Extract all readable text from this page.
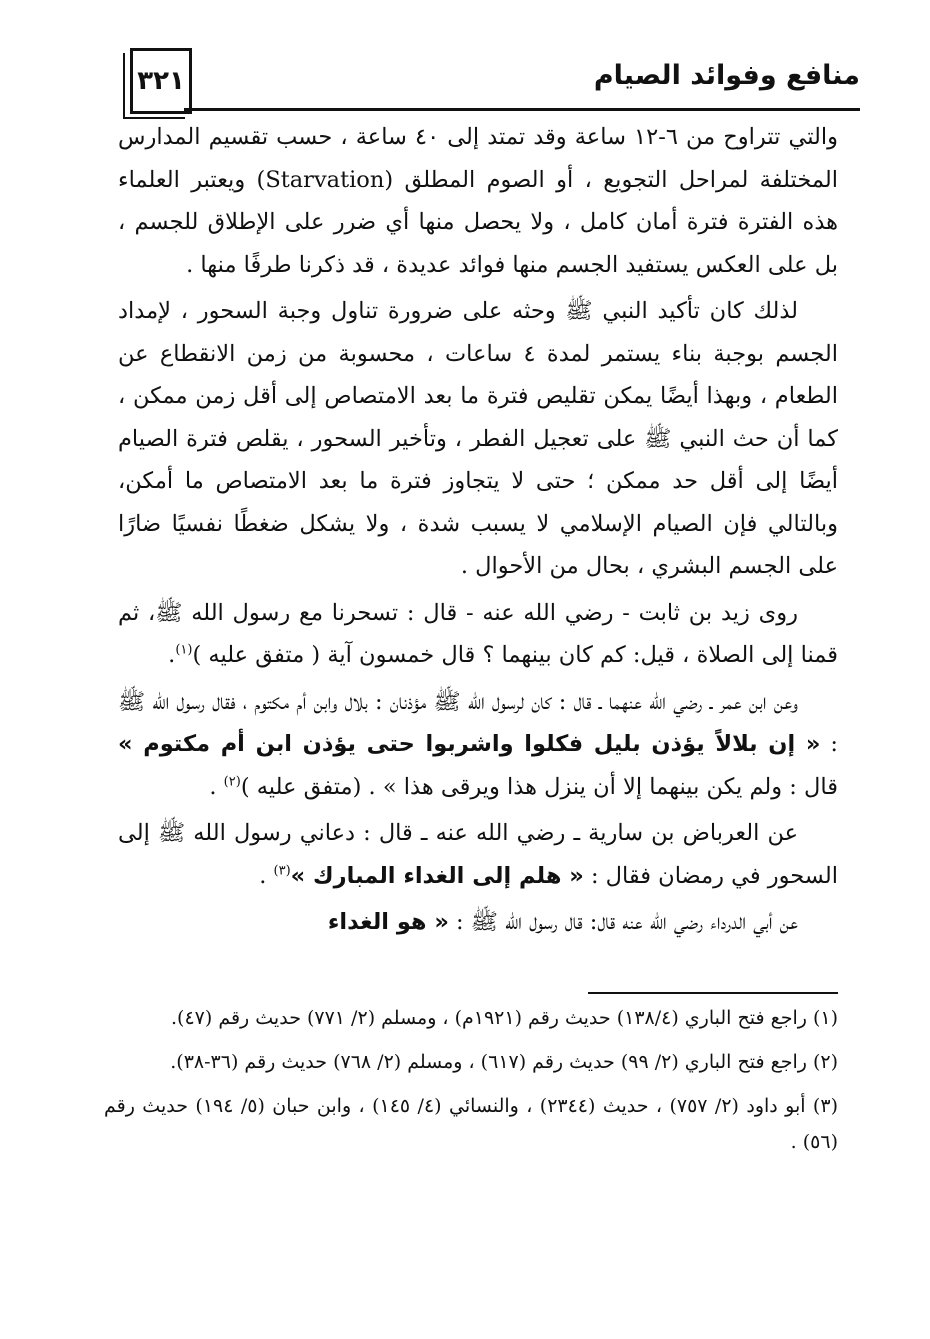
٣٢١	منافع وفوائد الصيام

والتي تتراوح من ٦-١٢ ساعة وقد تمتد إلى ٤٠ ساعة ، حسب تقسيم المدارس المختلفة لمراحل التجويع ، أو الصوم المطلق (Starvation) ويعتبر العلماء هذه الفترة فترة أمان كامل ، ولا يحصل منها أي ضرر على الإطلاق للجسم ، بل على العكس يستفيد الجسم منها فوائد عديدة ، قد ذكرنا طرفًا منها .

لذلك كان تأكيد النبي ﷺ وحثه على ضرورة تناول وجبة السحور ، لإمداد الجسم بوجبة بناء يستمر لمدة ٤ ساعات ، محسوبة من زمن الانقطاع عن الطعام ، وبهذا أيضًا يمكن تقليص فترة ما بعد الامتصاص إلى أقل زمن ممكن ، كما أن حث النبي ﷺ على تعجيل الفطر ، وتأخير السحور ، يقلص فترة الصيام أيضًا إلى أقل حد ممكن ؛ حتى لا يتجاوز فترة ما بعد الامتصاص ما أمكن، وبالتالي فإن الصيام الإسلامي لا يسبب شدة ، ولا يشكل ضغطًا نفسيًا ضارًا على الجسم البشري ، بحال من الأحوال .

روى زيد بن ثابت - رضي الله عنه - قال : تسحرنا مع رسول الله ﷺ، ثم قمنا إلى الصلاة ، قيل: كم كان بينهما ؟ قال خمسون آية ( متفق عليه )$^{(١)}$.

وعن ابن عمر ـ رضي الله عنهما ـ قال : كان لرسول الله ﷺ مؤذنان : بلال وابن أم مكتوم ، فقال رسول الله ﷺ : « إن بلالاً يؤذن بليل فكلوا واشربوا حتى يؤذن ابن أم مكتوم » قال : ولم يكن بينهما إلا أن ينزل هذا ويرقى هذا » . (متفق عليه )$^{(٢)}$ .

عن العرباض بن سارية ـ رضي الله عنه ـ قال : دعاني رسول الله ﷺ إلى السحور في رمضان فقال : « هلم إلى الغداء المبارك »$^{(٣)}$ .

عن أبي الدرداء رضي الله عنه قال: قال رسول الله ﷺ : « هو الغداء

(١) راجع فتح الباري (١٣٨/٤) حديث رقم (١٩٢١م) ، ومسلم (٢/ ٧٧١) حديث رقم (٤٧).

(٢) راجع فتح الباري (٢/ ٩٩) حديث رقم (٦١٧) ، ومسلم (٢/ ٧٦٨) حديث رقم (٣٦-٣٨).

(٣) أبو داود (٢/ ٧٥٧) ، حديث (٢٣٤٤) ، والنسائي (٤/ ١٤٥) ، وابن حبان (٥/ ١٩٤) حديث رقم (٥٦) .
